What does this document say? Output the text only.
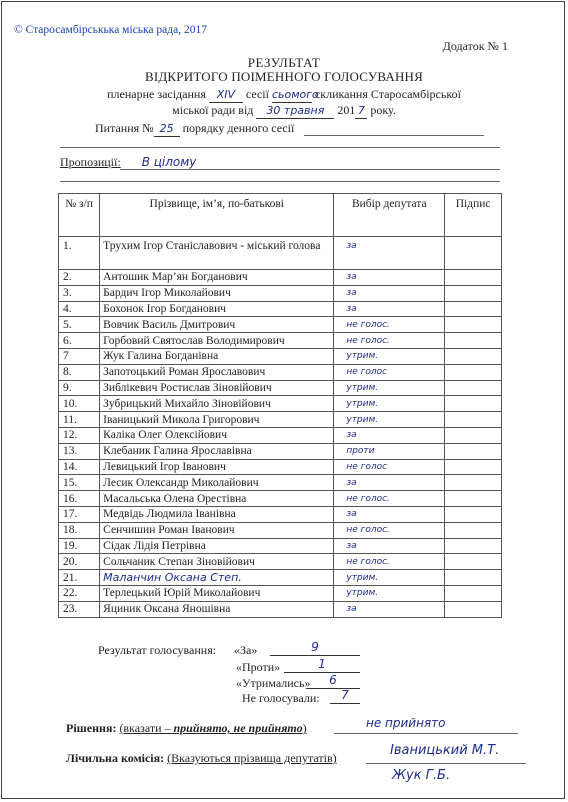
© Старосамбірськька міська рада, 2017
Додаток № 1
РЕЗУЛЬТАТ
ВІДКРИТОГО ПОІМЕННОГО ГОЛОСУВАННЯ
пленарне засідання XIV сесії сьомого скликання Старосамбірської
міської ради від 30 травня 201 7 року.
Питання № 25 порядку денного сесії
Пропозиції: В цілому
№ з/п	Прізвище, ім’я, по-батькові	Вибір депутата	Підпис
1.	Трухим Ігор Станіславович - міський голова	за	
2.	Антошик Мар’ян Богданович	за	
3.	Бардич Ігор Миколайович	за	
4.	Бохонок Ігор Богданович	за	
5.	Вовчик Василь Дмитрович	не голос.	
6.	Горбовий Святослав Володимирович	не голос.	
7	Жук Галина Богданівна	утрим.	
8.	Запотоцький Роман Ярославович	не голос	
9.	Зиблікевич Ростислав Зіновійович	утрим.	
10.	Зубрицький Михайло Зіновійович	утрим.	
11.	Іваницький Микола Григорович	утрим.	
12.	Каліка Олег Олексійович	за	
13.	Клебаник Галина Ярославівна	проти	
14.	Левицький Ігор Іванович	не голос	
15.	Лесик Олександр Миколайович	за	
16.	Масальська Олена Орестівна	не голос.	
17.	Медвідь Людмила Іванівна	за	
18.	Сенчишин Роман Іванович	не голос.	
19.	Сідак Лідія Петрівна	за	
20.	Сольчаник Степан Зіновійович	не голос.	
21.	Маланчин Оксана Степ.	утрим.	
22.	Терлецький Юрій Миколайович	утрим.	
23.	Яциник Оксана Яношівна	за	
Результат голосування: «За»	9
«Проти»	1
«Утримались»	6
Не голосували:	7
Рішення: (вказати – прийнято, не прийнято)	не прийнято
Лічильна комісія: (Вказуються прізвища депутатів)	Іваницький М.Т.
Жук Г.Б.
